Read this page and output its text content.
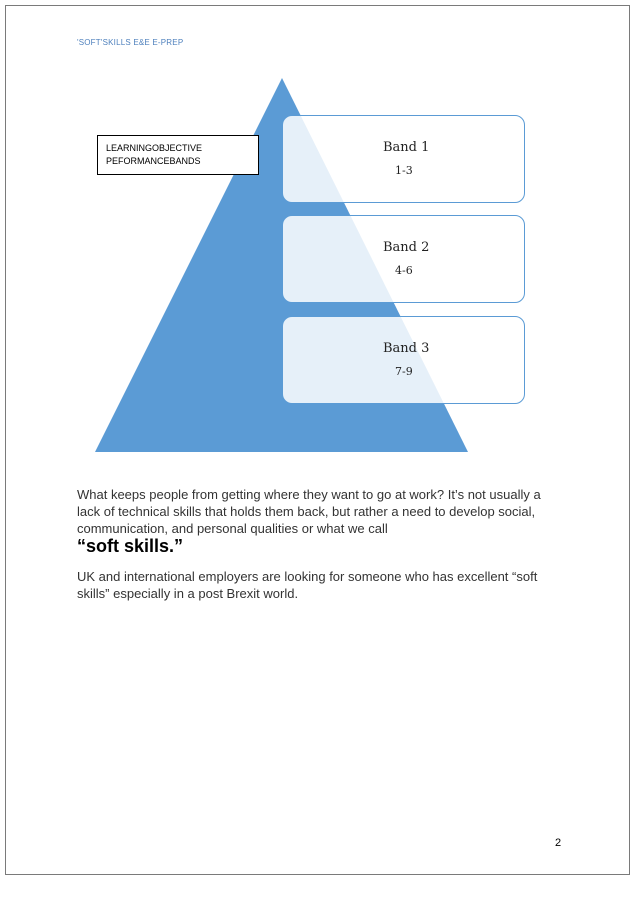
'SOFT'SKILLS E&E E-PREP
LEARNINGOBJECTIVE
PEFORMANCEBANDS
Band 1
1-3
Band 2
4-6
Band 3
7-9
What keeps people from getting where they want to go at work? It’s not usually a lack of technical skills that holds them back, but rather a need to develop social, communication, and personal qualities or what we call
“soft skills.”
UK and international employers are looking for someone who has excellent “soft skills” especially in a post Brexit world.
2
